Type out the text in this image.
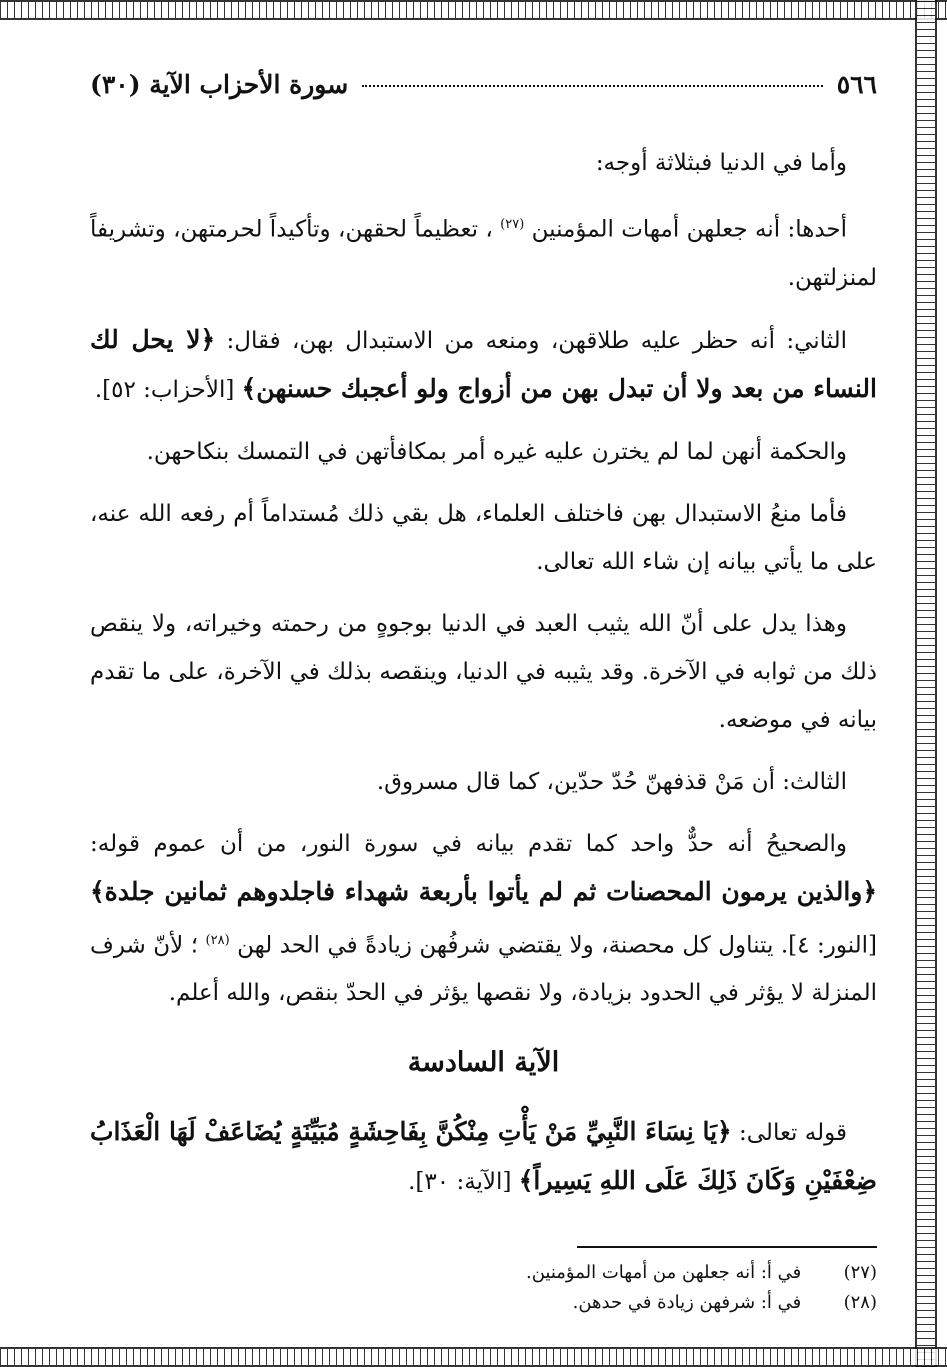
٥٦٦
سورة الأحزاب الآية (٣٠)

وأما في الدنيا فبثلاثة أوجه:

أحدها: أنه جعلهن أمهات المؤمنين $^{(٢٧)}$ ، تعظيماً لحقهن، وتأكيداً لحرمتهن، وتشريفاً لمنزلتهن.

الثاني: أنه حظر عليه طلاقهن، ومنعه من الاستبدال بهن، فقال: ﴿لا يحل لك النساء من بعد ولا أن تبدل بهن من أزواج ولو أعجبك حسنهن﴾ [الأحزاب: ٥٢].

والحكمة أنهن لما لم يخترن عليه غيره أمر بمكافأتهن في التمسك بنكاحهن.

فأما منعُ الاستبدال بهن فاختلف العلماء، هل بقي ذلك مُستداماً أم رفعه الله عنه، على ما يأتي بيانه إن شاء الله تعالى.

وهذا يدل على أنّ الله يثيب العبد في الدنيا بوجوهٍ من رحمته وخيراته، ولا ينقص ذلك من ثوابه في الآخرة. وقد يثيبه في الدنيا، وينقصه بذلك في الآخرة، على ما تقدم بيانه في موضعه.

الثالث: أن مَنْ قذفهنّ حُدّ حدّين، كما قال مسروق.

والصحيحُ أنه حدٌّ واحد كما تقدم بيانه في سورة النور، من أن عموم قوله: ﴿والذين يرمون المحصنات ثم لم يأتوا بأربعة شهداء فاجلدوهم ثمانين جلدة﴾ [النور: ٤]. يتناول كل محصنة، ولا يقتضي شرفُهن زيادةً في الحد لهن $^{(٢٨)}$ ؛ لأنّ شرف المنزلة لا يؤثر في الحدود بزيادة، ولا نقصها يؤثر في الحدّ بنقص، والله أعلم.

الآية السادسة

قوله تعالى: ﴿يَا نِسَاءَ النَّبِيِّ مَنْ يَأْتِ مِنْكُنَّ بِفَاحِشَةٍ مُبَيِّنَةٍ يُضَاعَفْ لَهَا الْعَذَابُ ضِعْفَيْنِ وَكَانَ ذَلِكَ عَلَى اللهِ يَسِيراً﴾ [الآية: ٣٠].

(٢٧) في أ: أنه جعلهن من أمهات المؤمنين.

(٢٨) في أ: شرفهن زيادة في حدهن.
